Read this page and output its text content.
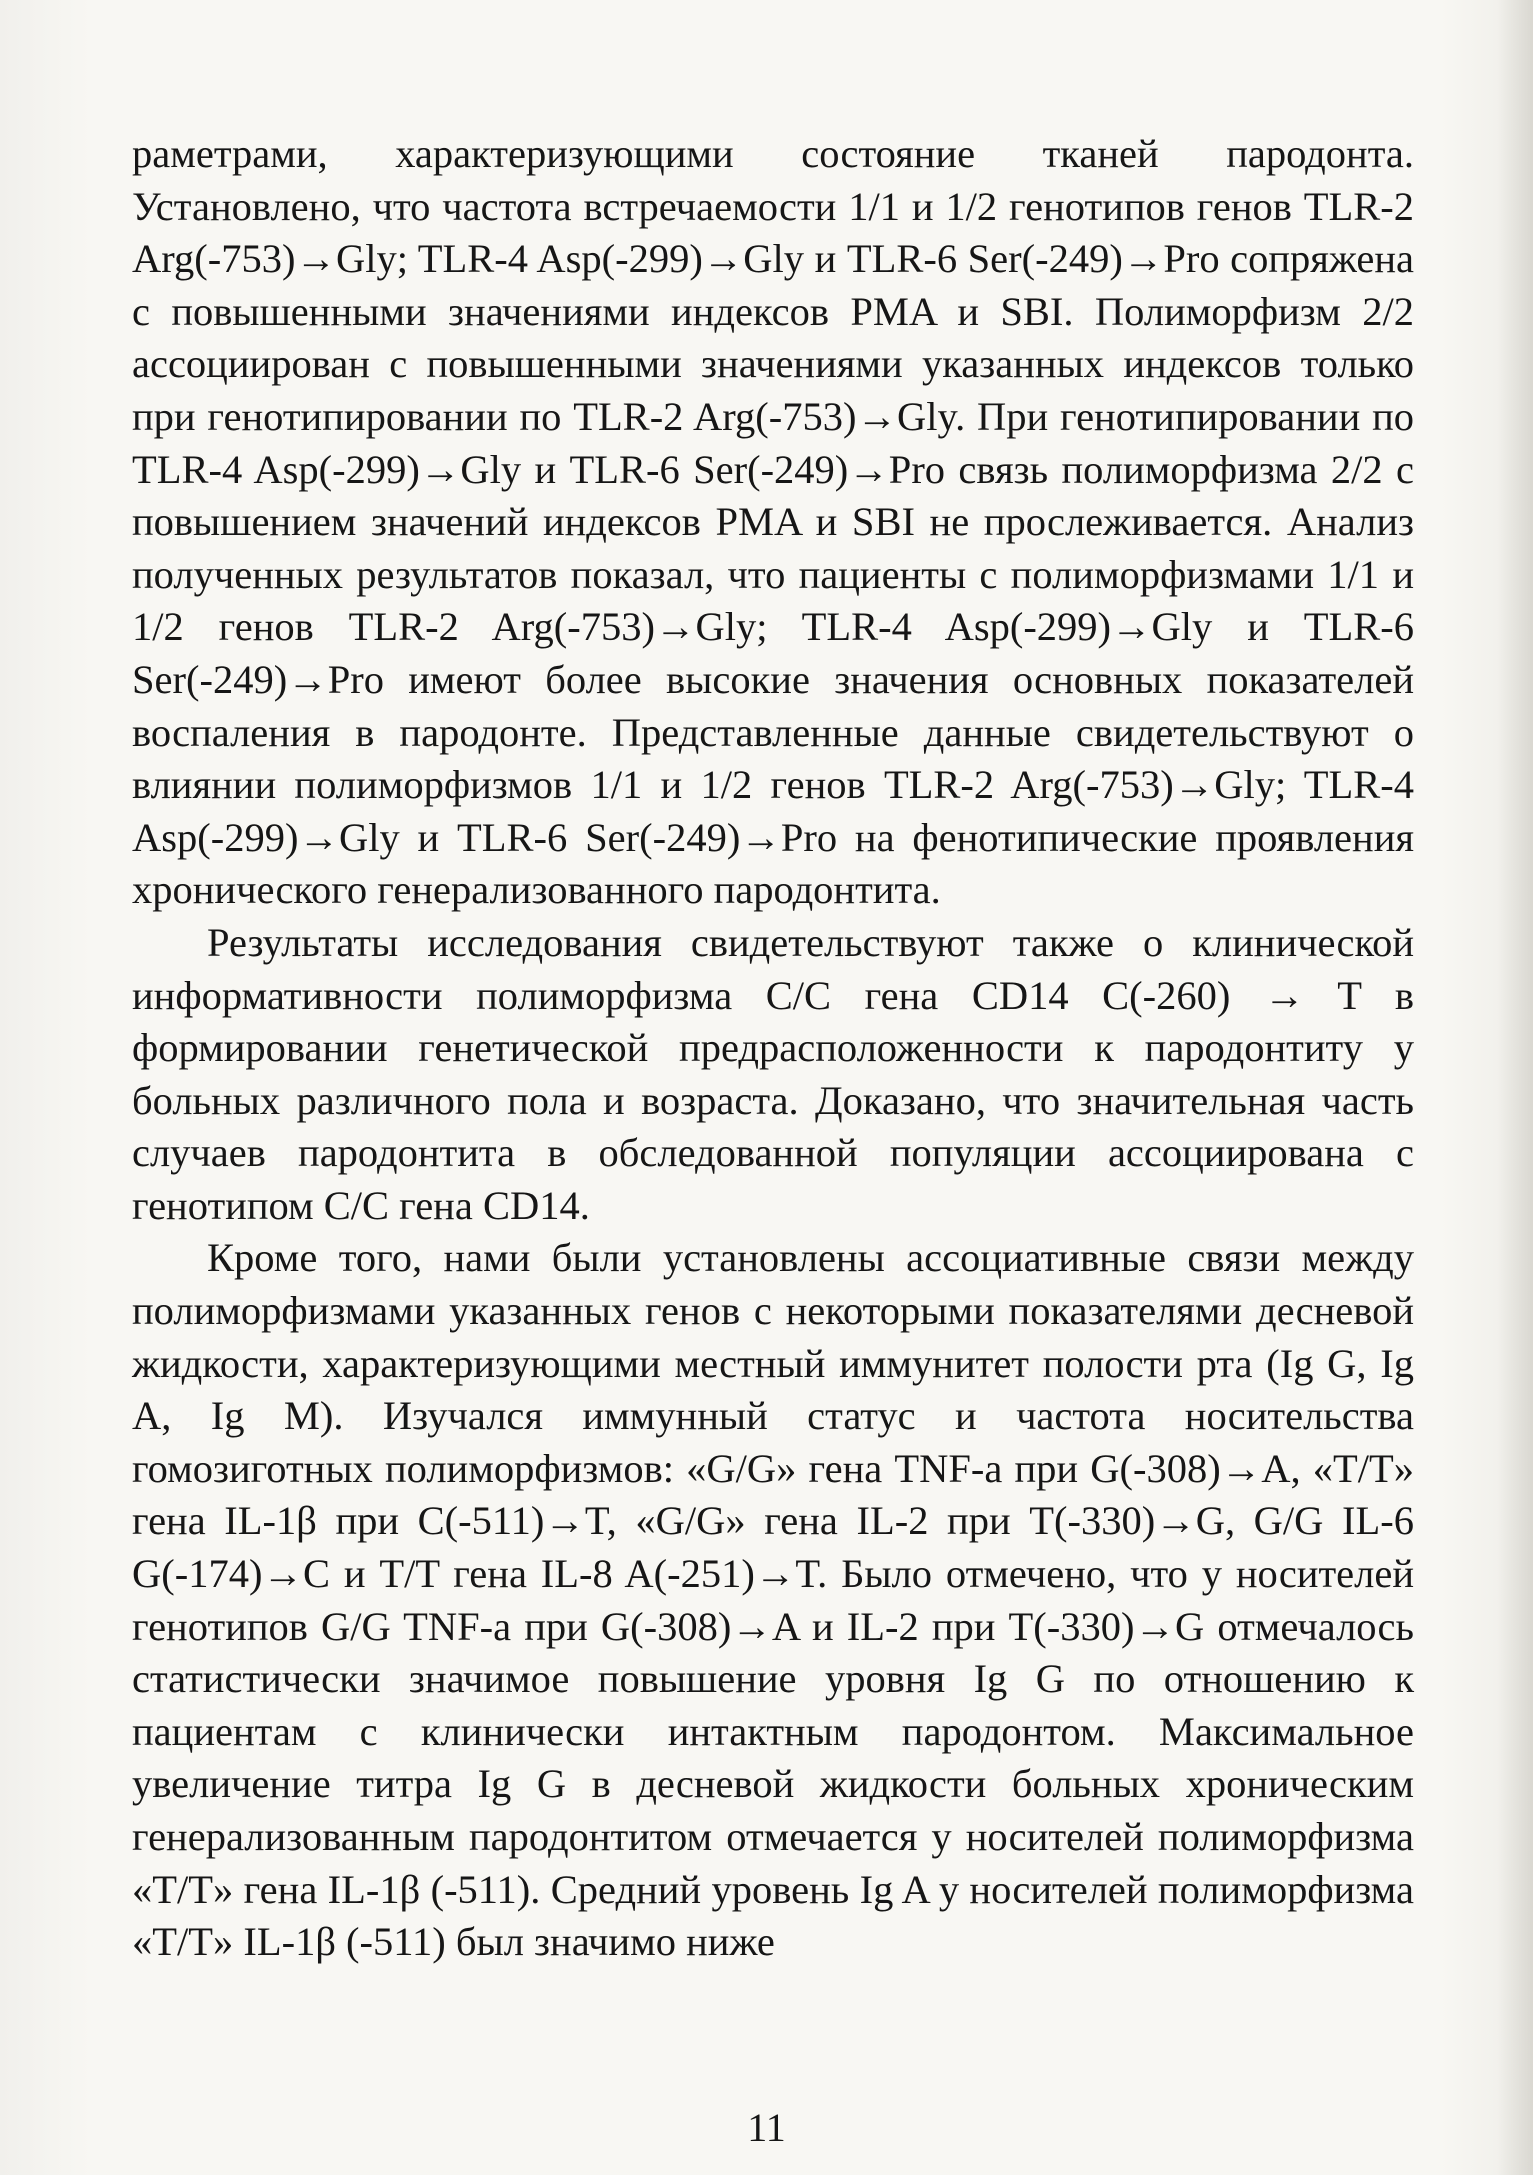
раметрами, характеризующими состояние тканей пародонта. Установлено, что частота встречаемости 1/1 и 1/2 генотипов генов TLR-2 Arg(-753)→Gly; TLR-4 Asp(-299)→Gly и TLR-6 Ser(-249)→Pro сопряжена с повышенными значениями индексов PMA и SBI. Полиморфизм 2/2 ассоциирован с повышенными значениями указанных индексов только при генотипировании по TLR-2 Arg(-753)→Gly. При генотипировании по TLR-4 Asp(-299)→Gly и TLR-6 Ser(-249)→Pro связь полиморфизма 2/2 с повышением значений индексов PMA и SBI не прослеживается. Анализ полученных результатов показал, что пациенты с полиморфизмами 1/1 и 1/2 генов TLR-2 Arg(-753)→Gly; TLR-4 Asp(-299)→Gly и TLR-6 Ser(-249)→Pro имеют более высокие значения основных показателей воспаления в пародонте. Представленные данные свидетельствуют о влиянии полиморфизмов 1/1 и 1/2 генов TLR-2 Arg(-753)→Gly; TLR-4 Asp(-299)→Gly и TLR-6 Ser(-249)→Pro на фенотипические проявления хронического генерализованного пародонтита.

Результаты исследования свидетельствуют также о клинической информативности полиморфизма C/C гена CD14 C(-260) → T в формировании генетической предрасположенности к пародонтиту у больных различного пола и возраста. Доказано, что значительная часть случаев пародонтита в обследованной популяции ассоциирована с генотипом C/C гена CD14.

Кроме того, нами были установлены ассоциативные связи между полиморфизмами указанных генов с некоторыми показателями десневой жидкости, характеризующими местный иммунитет полости рта (Ig G, Ig A, Ig M). Изучался иммунный статус и частота носительства гомозиготных полиморфизмов: «G/G» гена TNF-а при G(-308)→A, «T/T» гена IL-1β при C(-511)→T, «G/G» гена IL-2 при T(-330)→G, G/G IL-6 G(-174)→C и T/T гена IL-8 A(-251)→T. Было отмечено, что у носителей генотипов G/G TNF-а при G(-308)→A и IL-2 при T(-330)→G отмечалось статистически значимое повышение уровня Ig G по отношению к пациентам с клинически интактным пародонтом. Максимальное увеличение титра Ig G в десневой жидкости больных хроническим генерализованным пародонтитом отмечается у носителей полиморфизма «T/T» гена IL-1β (-511). Средний уровень Ig A у носителей полиморфизма «T/T» IL-1β (-511) был значимо ниже

11
